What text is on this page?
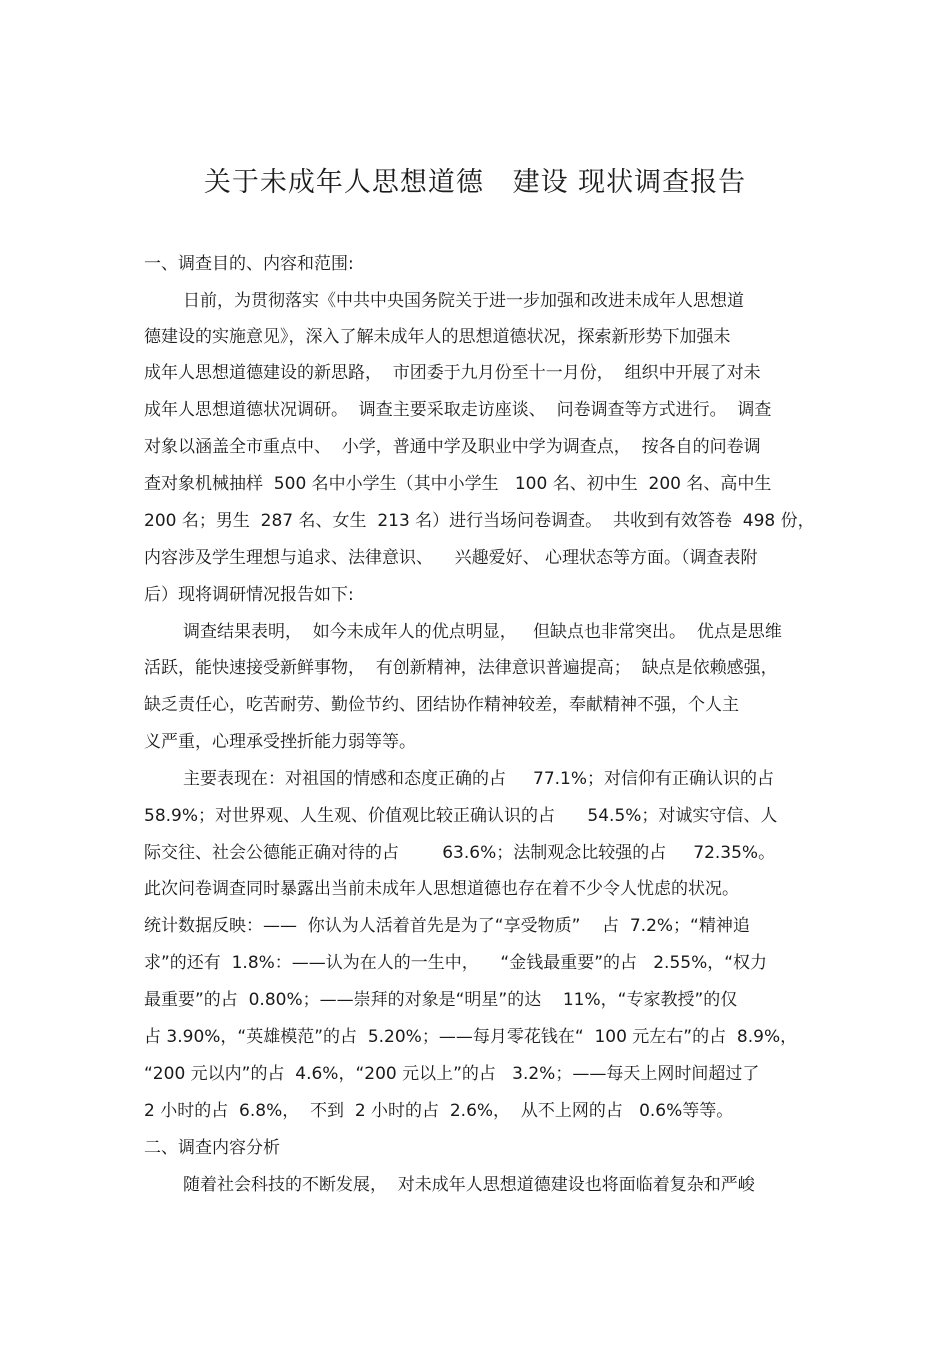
关于未成年人思想道德   建设 现状调查报告
一、调查目的、内容和范围:
日前，为贯彻落实《中共中央国务院关于进一步加强和改进未成年人思想道
德建设的实施意见》，深入了解未成年人的思想道德状况，探索新形势下加强未
成年人思想道德建设的新思路，  市团委于九月份至十一月份，  组织中开展了对未
成年人思想道德状况调研。  调查主要采取走访座谈、  问卷调查等方式进行。  调查
对象以涵盖全市重点中、  小学，普通中学及职业中学为调查点，  按各自的问卷调
查对象机械抽样  500 名中小学生（其中小学生   100 名、初中生  200 名、高中生
200 名；男生  287 名、女生  213 名）进行当场问卷调查。  共收到有效答卷  498 份，
内容涉及学生理想与追求、法律意识、    兴趣爱好、 心理状态等方面。（调查表附
后）现将调研情况报告如下:
调查结果表明，  如今未成年人的优点明显，   但缺点也非常突出。  优点是思维
活跃，能快速接受新鲜事物，  有创新精神，法律意识普遍提高；  缺点是依赖感强，
缺乏责任心，吃苦耐劳、勤俭节约、团结协作精神较差，奉献精神不强，个人主
义严重，心理承受挫折能力弱等等。
主要表现在：对祖国的情感和态度正确的占     77.1%；对信仰有正确认识的占
58.9%；对世界观、人生观、价值观比较正确认识的占      54.5%；对诚实守信、人
际交往、社会公德能正确对待的占        63.6%；法制观念比较强的占     72.35%。
此次问卷调查同时暴露出当前未成年人思想道德也存在着不少令人忧虑的状况。
统计数据反映：——  你认为人活着首先是为了“享受物质”    占  7.2%；“精神追
求”的还有  1.8%：——认为在人的一生中，    “金钱最重要”的占   2.55%，“权力
最重要”的占  0.80%；——崇拜的对象是“明星”的达    11%，“专家教授”的仅
占 3.90%，“英雄模范”的占  5.20%；——每月零花钱在“  100 元左右”的占  8.9%，
“200 元以内”的占  4.6%，“200 元以上”的占   3.2%；——每天上网时间超过了
2 小时的占  6.8%，  不到  2 小时的占  2.6%，  从不上网的占   0.6%等等。
二、调查内容分析
随着社会科技的不断发展，  对未成年人思想道德建设也将面临着复杂和严峻
